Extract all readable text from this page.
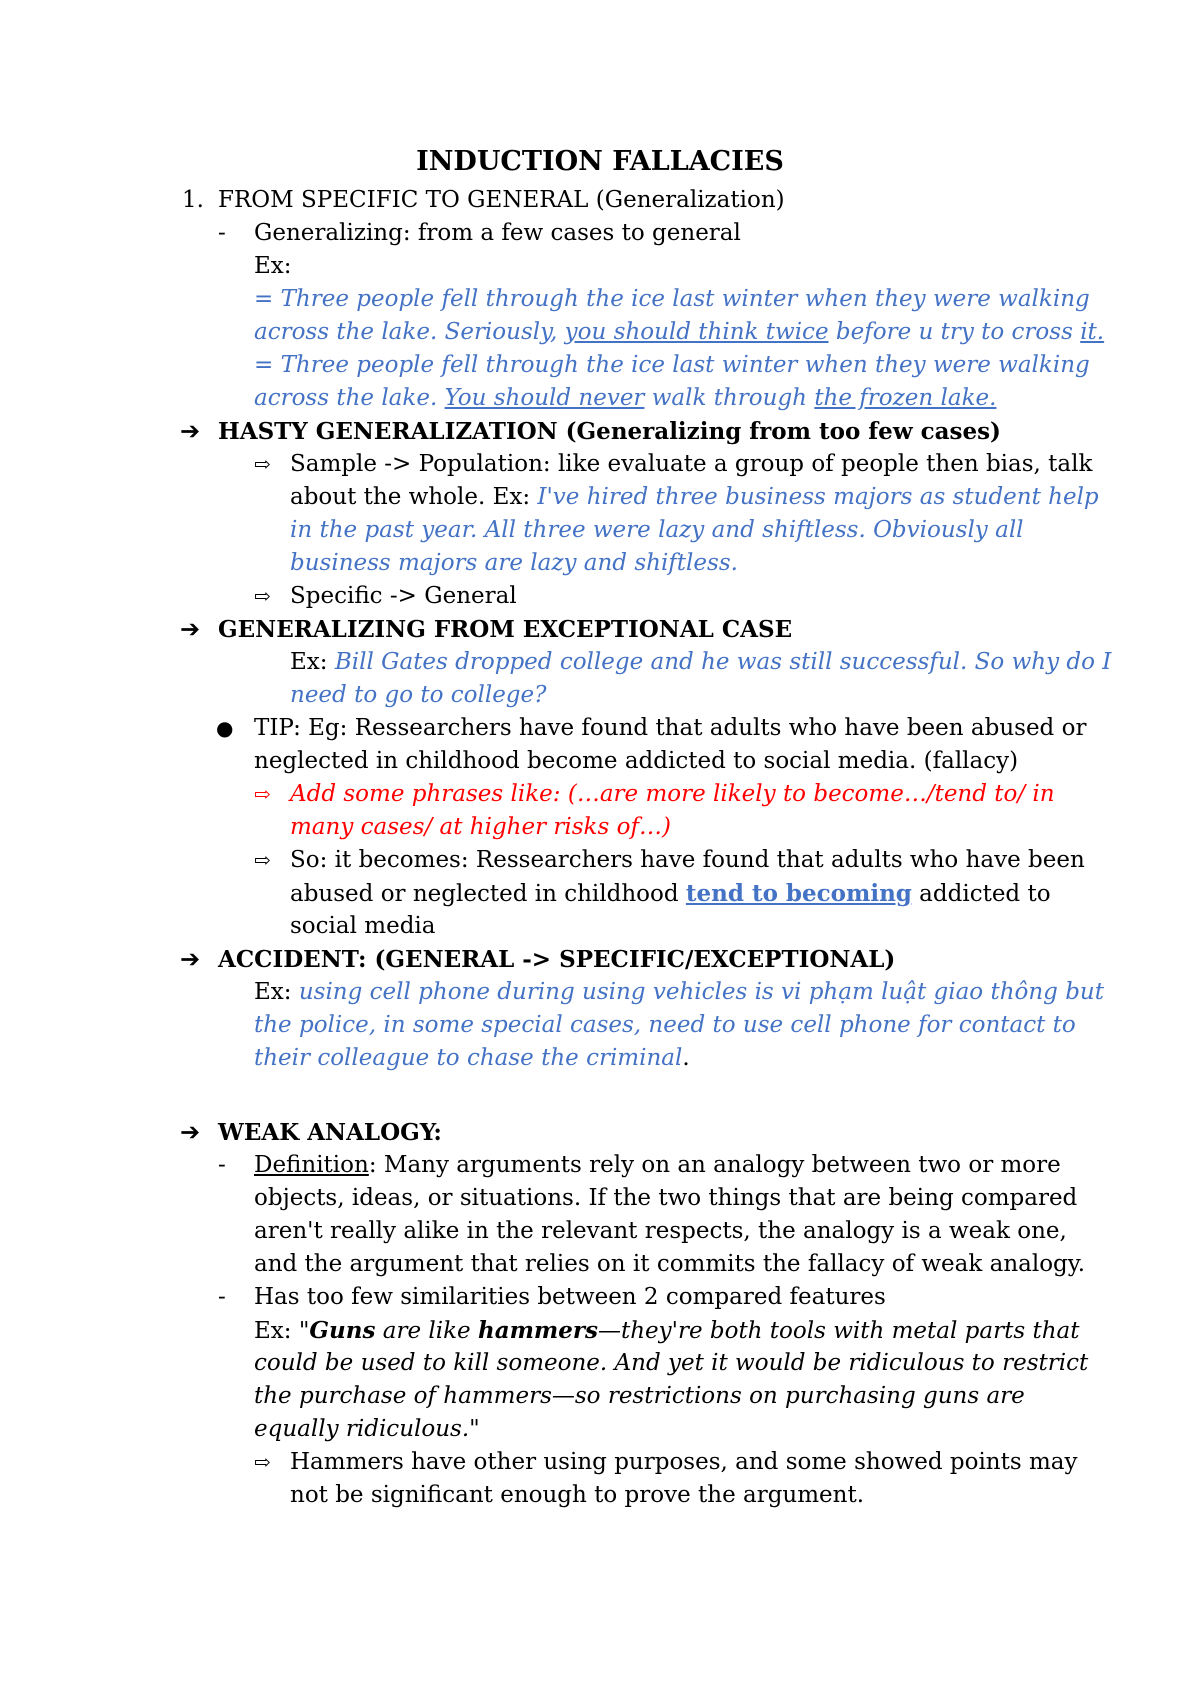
INDUCTION FALLACIES
1. FROM SPECIFIC TO GENERAL (Generalization)
- Generalizing: from a few cases to general
Ex:
= Three people fell through the ice last winter when they were walking
across the lake. Seriously, you should think twice before u try to cross it.
= Three people fell through the ice last winter when they were walking
across the lake. You should never walk through the frozen lake.
➔ HASTY GENERALIZATION (Generalizing from too few cases)
⇨ Sample -> Population: like evaluate a group of people then bias, talk
about the whole. Ex: I've hired three business majors as student help
in the past year. All three were lazy and shiftless. Obviously all
business majors are lazy and shiftless.
⇨ Specific -> General
➔ GENERALIZING FROM EXCEPTIONAL CASE
Ex: Bill Gates dropped college and he was still successful. So why do I
need to go to college?
● TIP: Eg: Ressearchers have found that adults who have been abused or
neglected in childhood become addicted to social media. (fallacy)
⇨ Add some phrases like: (…are more likely to become…/tend to/ in
many cases/ at higher risks of…)
⇨ So: it becomes: Ressearchers have found that adults who have been
abused or neglected in childhood tend to becoming addicted to
social media
➔ ACCIDENT: (GENERAL -> SPECIFIC/EXCEPTIONAL)
Ex: using cell phone during using vehicles is vi phạm luật giao thông but
the police, in some special cases, need to use cell phone for contact to
their colleague to chase the criminal.
➔ WEAK ANALOGY:
- Definition: Many arguments rely on an analogy between two or more
objects, ideas, or situations. If the two things that are being compared
aren't really alike in the relevant respects, the analogy is a weak one,
and the argument that relies on it commits the fallacy of weak analogy.
- Has too few similarities between 2 compared features
Ex: "Guns are like hammers—they're both tools with metal parts that
could be used to kill someone. And yet it would be ridiculous to restrict
the purchase of hammers—so restrictions on purchasing guns are
equally ridiculous."
⇨ Hammers have other using purposes, and some showed points may
not be significant enough to prove the argument.
